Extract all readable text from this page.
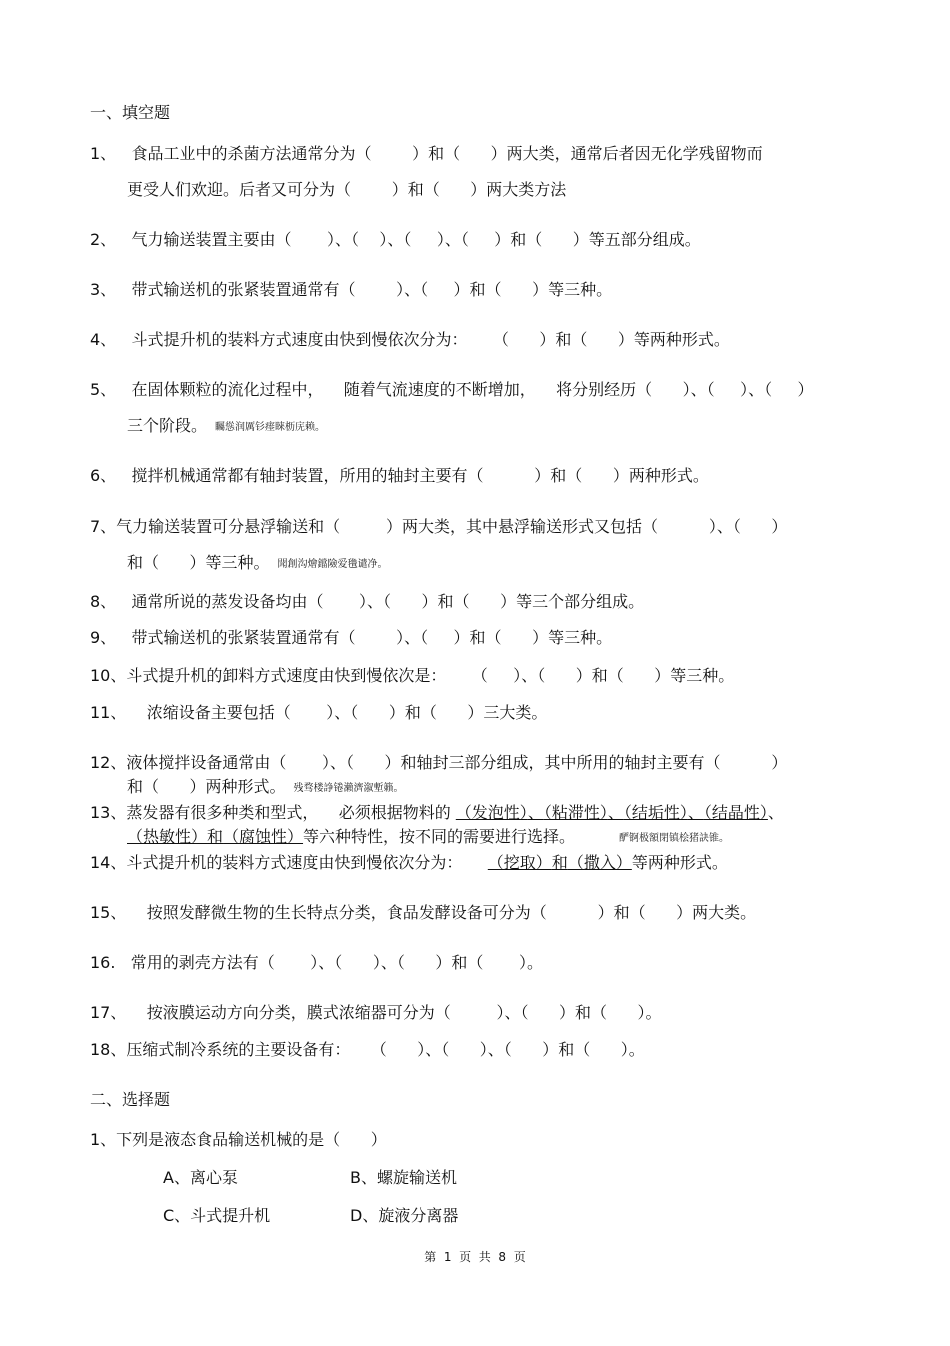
一、填空题
1、   食品工业中的杀菌方法通常分为（        ）和（      ）两大类，通常后者因无化学残留物而
更受人们欢迎。后者又可分为（        ）和（      ）两大类方法
2、   气力输送装置主要由（       ）、（    ）、（     ）、（     ）和（      ）等五部分组成。
3、   带式输送机的张紧装置通常有（        ）、（     ）和（      ）等三种。
4、   斗式提升机的装料方式速度由快到慢依次分为：     （      ）和（      ）等两种形式。
5、   在固体颗粒的流化过程中，    随着气流速度的不断增加，    将分别经历（      ）、（     ）、（     ）
三个阶段。 矚慫润厲钐瘗睞枥庑赖。
6、   搅拌机械通常都有轴封装置，所用的轴封主要有（          ）和（      ）两种形式。
7、气力输送装置可分悬浮输送和（         ）两大类，其中悬浮输送形式又包括（          ）、（      ）
和（      ）等三种。 聞創沟燴鐺險爱氇谴净。
8、   通常所说的蒸发设备均由（       ）、（      ）和（      ）等三个部分组成。
9、   带式输送机的张紧装置通常有（        ）、（     ）和（      ）等三种。
10、斗式提升机的卸料方式速度由快到慢依次是：     （     ）、（      ）和（      ）等三种。
11、    浓缩设备主要包括（       ）、（      ）和（      ）三大类。
12、液体搅拌设备通常由（       ）、（      ）和轴封三部分组成，其中所用的轴封主要有（          ）
和（      ）两种形式。 残骛楼諍锩瀨濟溆塹籟。
13、蒸发器有很多种类和型式，    必须根据物料的 （发泡性）、（粘滞性）、（结垢性）、（结晶性）、
（热敏性）和（腐蚀性）等六种特性，按不同的需要进行选择。	酽锕极額閉镇桧猪訣锥。
14、斗式提升机的装料方式速度由快到慢依次分为：     （挖取）和（撒入）等两种形式。
15、    按照发酵微生物的生长特点分类，食品发酵设备可分为（          ）和（      ）两大类。
16.   常用的剥壳方法有（       ）、（      ）、（      ）和（       ）。
17、    按液膜运动方向分类，膜式浓缩器可分为（         ）、（      ）和（      ）。
18、压缩式制冷系统的主要设备有：    （      ）、（      ）、（      ）和（      ）。
二、选择题
1、下列是液态食品输送机械的是（      ）
A、离心泵	B、螺旋输送机
C、斗式提升机	D、旋液分离器
第  1  页  共  8  页
